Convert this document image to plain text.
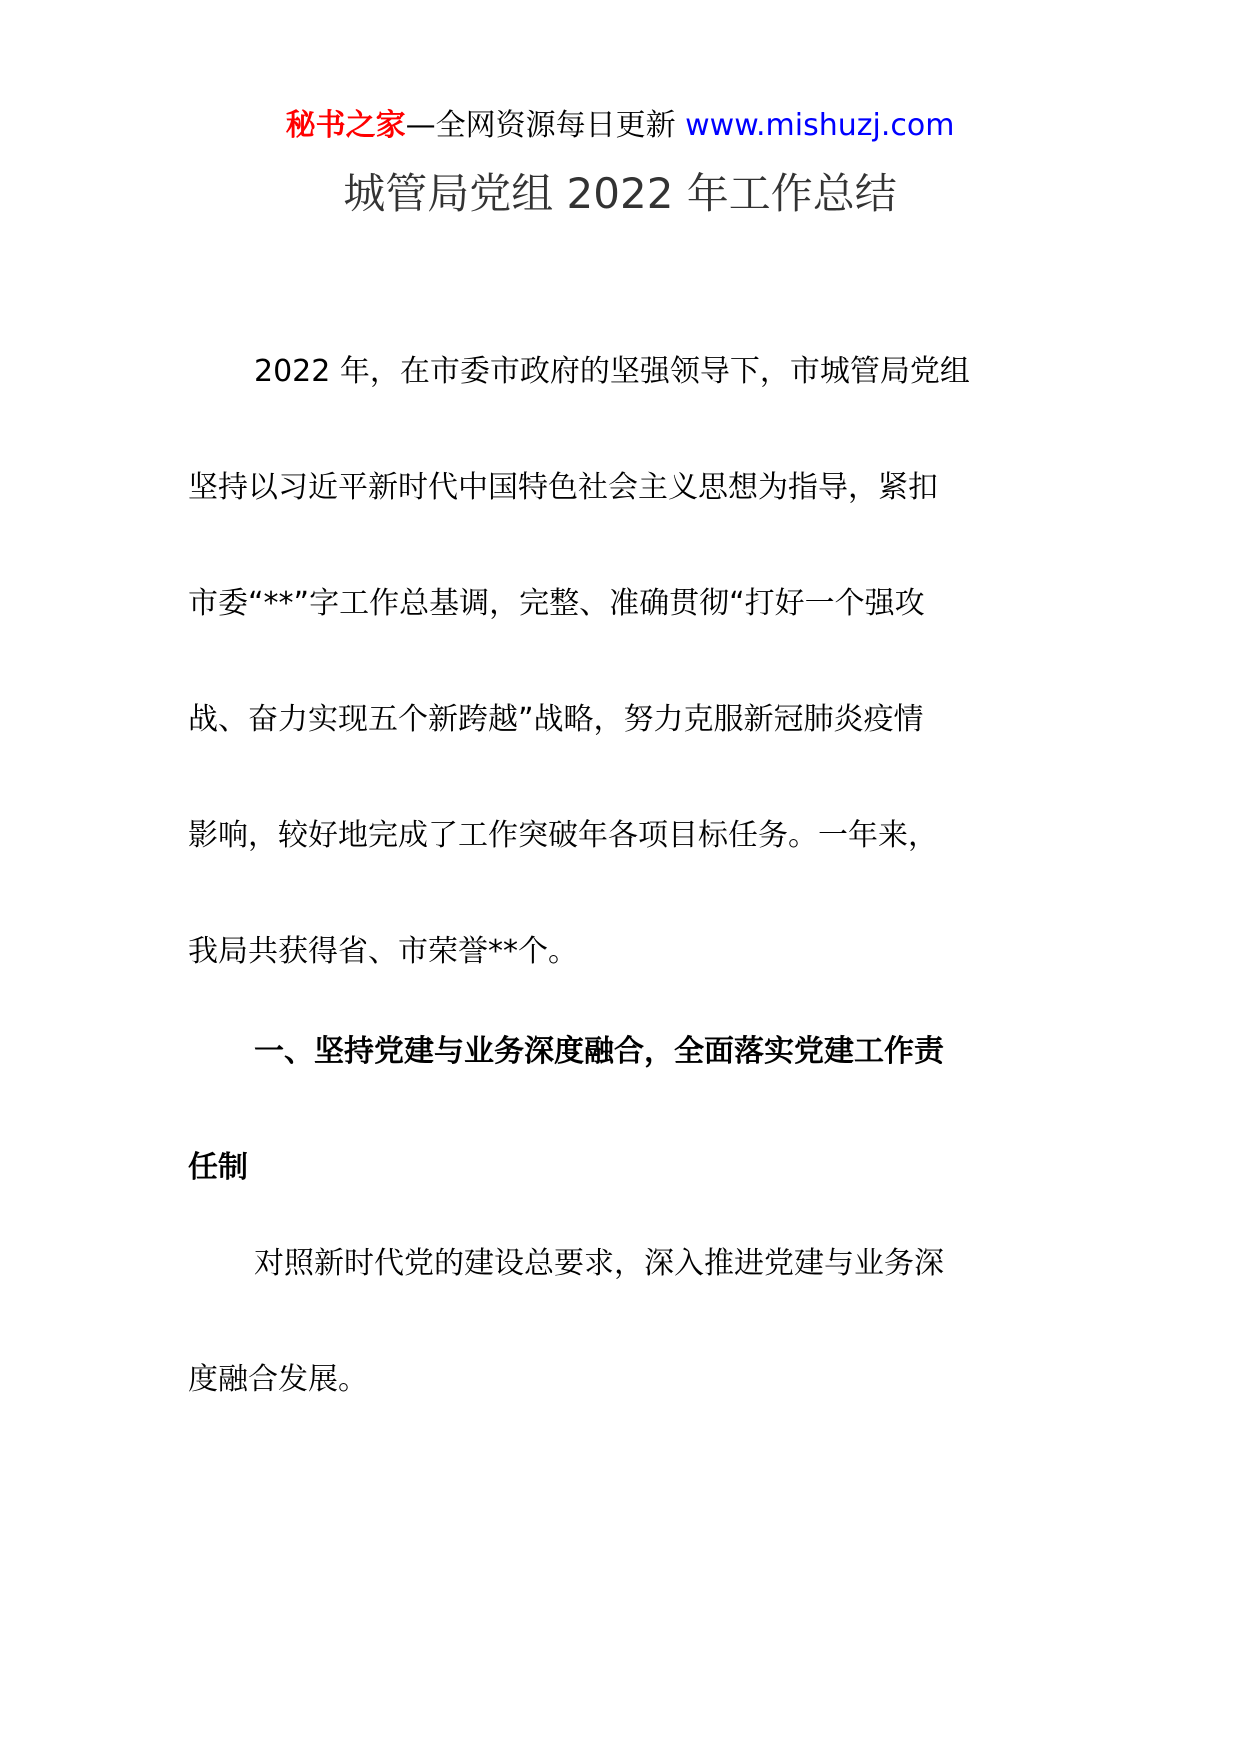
秘书之家—全网资源每日更新 www.mishuzj.com
城管局党组 2022 年工作总结
2022 年，在市委市政府的坚强领导下，市城管局党组
坚持以习近平新时代中国特色社会主义思想为指导，紧扣
市委“**”字工作总基调，完整、准确贯彻“打好一个强攻
战、奋力实现五个新跨越”战略，努力克服新冠肺炎疫情
影响，较好地完成了工作突破年各项目标任务。一年来，
我局共获得省、市荣誉**个。
一、坚持党建与业务深度融合，全面落实党建工作责
任制
对照新时代党的建设总要求，深入推进党建与业务深
度融合发展。
